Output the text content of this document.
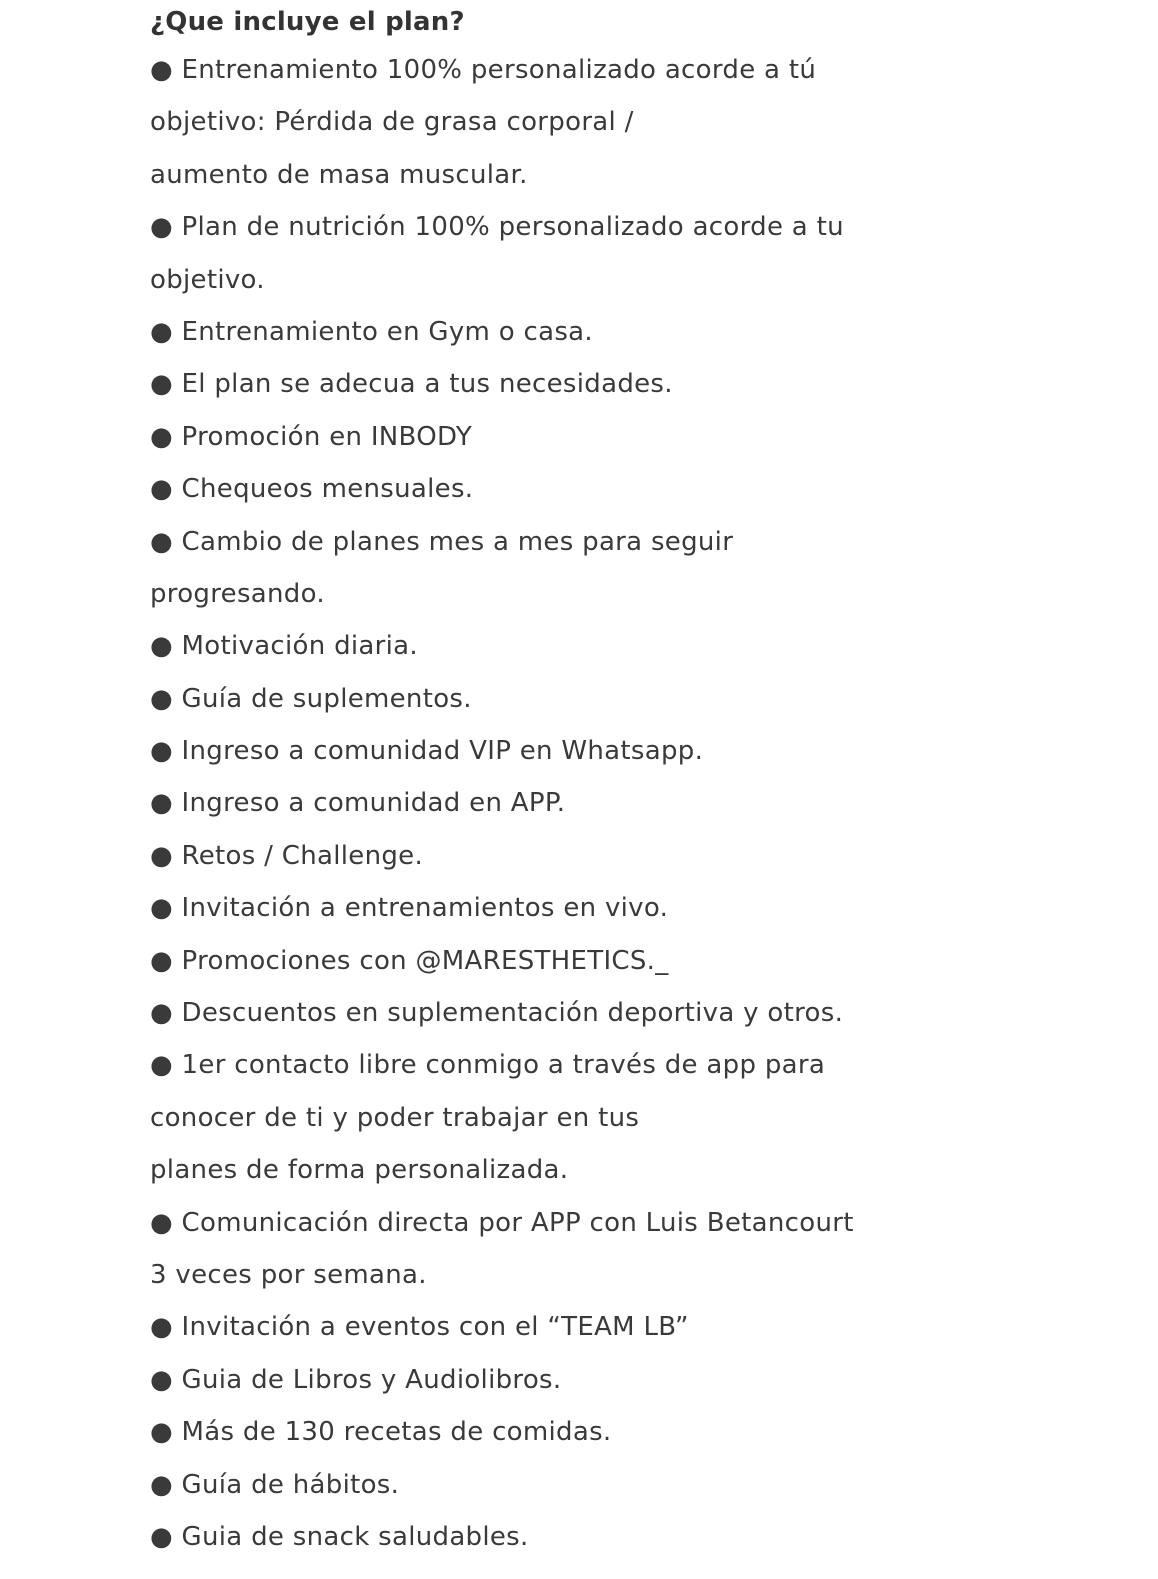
¿Que incluye el plan?
● Entrenamiento 100% personalizado acorde a tú
objetivo: Pérdida de grasa corporal /
aumento de masa muscular.
● Plan de nutrición 100% personalizado acorde a tu
objetivo.
● Entrenamiento en Gym o casa.
● El plan se adecua a tus necesidades.
● Promoción en INBODY
● Chequeos mensuales.
● Cambio de planes mes a mes para seguir
progresando.
● Motivación diaria.
● Guía de suplementos.
● Ingreso a comunidad VIP en Whatsapp.
● Ingreso a comunidad en APP.
● Retos / Challenge.
● Invitación a entrenamientos en vivo.
● Promociones con @MARESTHETICS._
● Descuentos en suplementación deportiva y otros.
● 1er contacto libre conmigo a través de app para
conocer de ti y poder trabajar en tus
planes de forma personalizada.
● Comunicación directa por APP con Luis Betancourt
3 veces por semana.
● Invitación a eventos con el “TEAM LB”
● Guia de Libros y Audiolibros.
● Más de 130 recetas de comidas.
● Guía de hábitos.
● Guia de snack saludables.
